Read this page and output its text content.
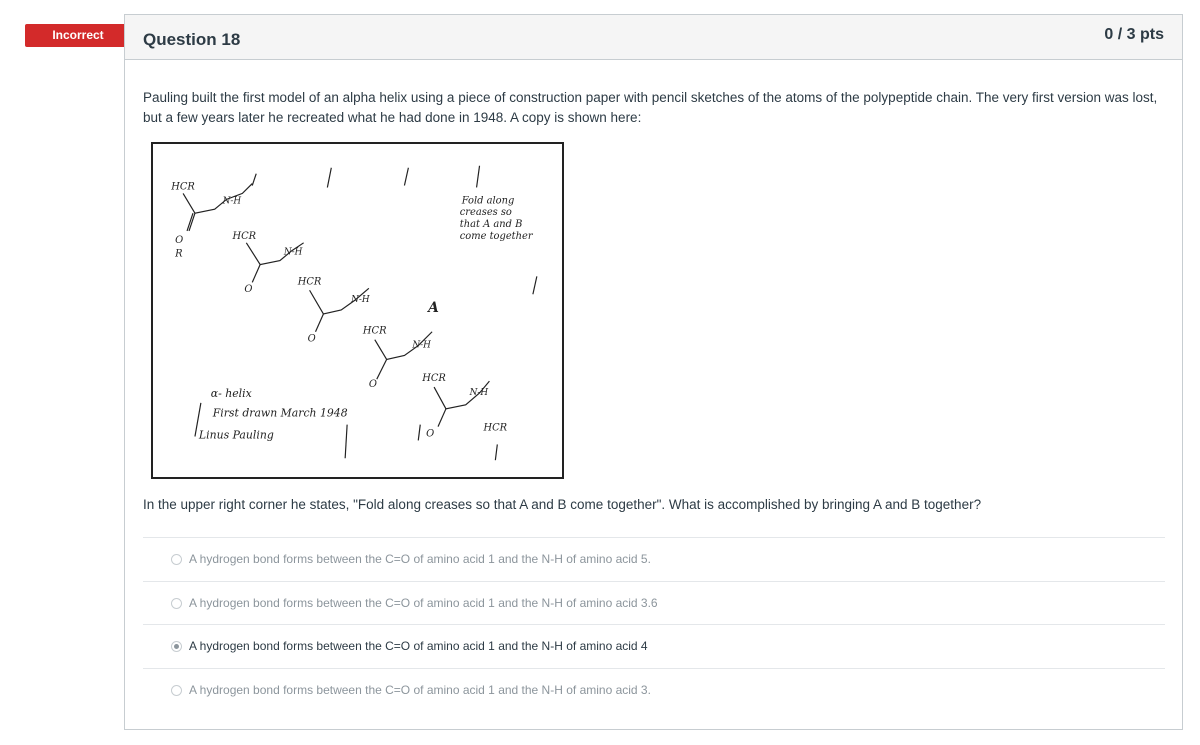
Incorrect	Question 18	0 / 3 pts
Pauling built the first model of an alpha helix using a piece of construction paper with pencil sketches of the atoms of the polypeptide chain. The very first version was lost, but a few years later he recreated what he had done in 1948. A copy is shown here:
HCR
N-H
O
R
HCR
N-H
O
HCR
N-H
O
HCR
N-H
O
A
HCR
N-H
O
HCR
Fold along
creases so
that A and B
come together
α- helix
First drawn March 1948
Linus Pauling
In the upper right corner he states, "Fold along creases so that A and B come together". What is accomplished by bringing A and B together?
A hydrogen bond forms between the C=O of amino acid 1 and the N-H of amino acid 5.
A hydrogen bond forms between the C=O of amino acid 1 and the N-H of amino acid 3.6
A hydrogen bond forms between the C=O of amino acid 1 and the N-H of amino acid 4
A hydrogen bond forms between the C=O of amino acid 1 and the N-H of amino acid 3.
